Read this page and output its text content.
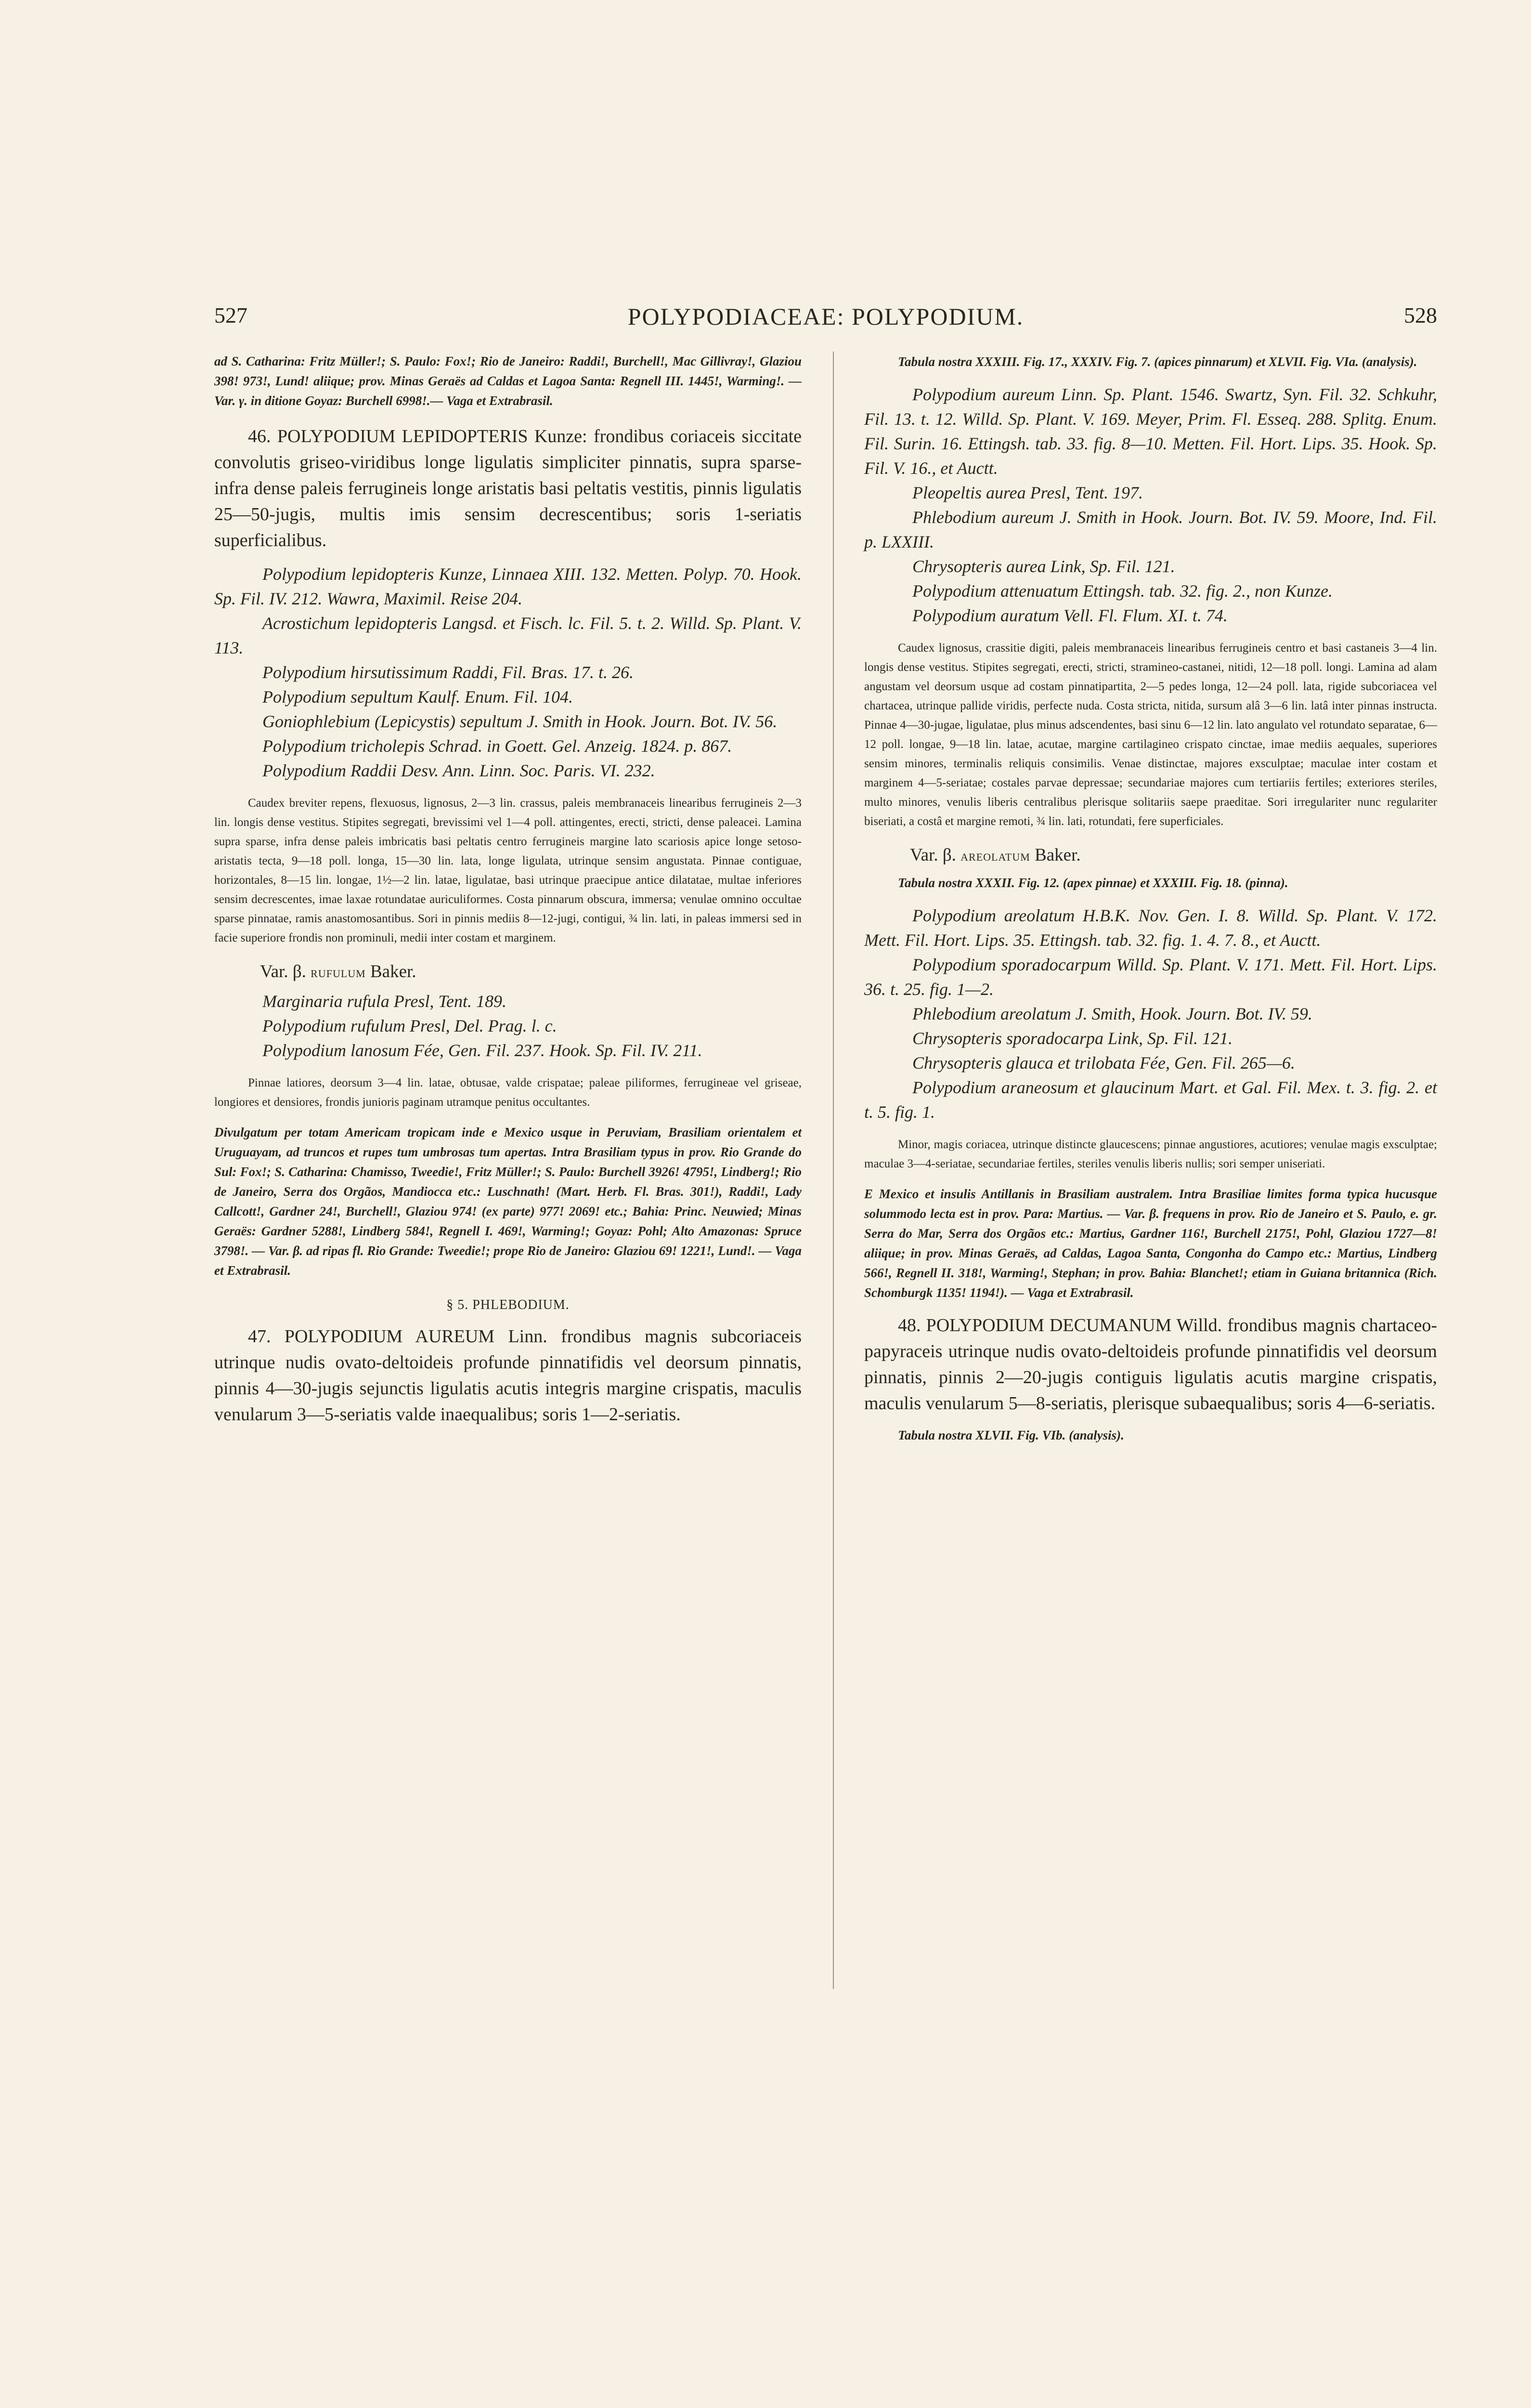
527	POLYPODIACEAE: POLYPODIUM.	528

ad S. Catharina: Fritz Müller!; S. Paulo: Fox!; Rio de Janeiro: Raddi!, Burchell!, Mac Gillivray!, Glaziou 398! 973!, Lund! aliique; prov. Minas Geraës ad Caldas et Lagoa Santa: Regnell III. 1445!, Warming!. — Var. γ. in ditione Goyaz: Burchell 6998!.— Vaga et Extrabrasil.

46. POLYPODIUM LEPIDOPTERIS Kunze: frondibus coriaceis siccitate convolutis griseo-viridibus longe ligulatis simpliciter pinnatis, supra sparse- infra dense paleis ferrugineis longe aristatis basi peltatis vestitis, pinnis ligulatis 25—50-jugis, multis imis sensim decrescentibus; soris 1-seriatis superficialibus.

Polypodium lepidopteris Kunze, Linnaea XIII. 132. Metten. Polyp. 70. Hook. Sp. Fil. IV. 212. Wawra, Maximil. Reise 204.

Acrostichum lepidopteris Langsd. et Fisch. lc. Fil. 5. t. 2. Willd. Sp. Plant. V. 113.

Polypodium hirsutissimum Raddi, Fil. Bras. 17. t. 26.

Polypodium sepultum Kaulf. Enum. Fil. 104.

Goniophlebium (Lepicystis) sepultum J. Smith in Hook. Journ. Bot. IV. 56.

Polypodium tricholepis Schrad. in Goett. Gel. Anzeig. 1824. p. 867.

Polypodium Raddii Desv. Ann. Linn. Soc. Paris. VI. 232.

Caudex breviter repens, flexuosus, lignosus, 2—3 lin. crassus, paleis membranaceis linearibus ferrugineis 2—3 lin. longis dense vestitus. Stipites segregati, brevissimi vel 1—4 poll. attingentes, erecti, stricti, dense paleacei. Lamina supra sparse, infra dense paleis imbricatis basi peltatis centro ferrugineis margine lato scariosis apice longe setoso-aristatis tecta, 9—18 poll. longa, 15—30 lin. lata, longe ligulata, utrinque sensim angustata. Pinnae contiguae, horizontales, 8—15 lin. longae, 1½—2 lin. latae, ligulatae, basi utrinque praecipue antice dilatatae, multae inferiores sensim decrescentes, imae laxae rotundatae auriculiformes. Costa pinnarum obscura, immersa; venulae omnino occultae sparse pinnatae, ramis anastomosantibus. Sori in pinnis mediis 8—12-jugi, contigui, ¾ lin. lati, in paleas immersi sed in facie superiore frondis non prominuli, medii inter costam et marginem.

Var. β. RUFULUM Baker.

Marginaria rufula Presl, Tent. 189.

Polypodium rufulum Presl, Del. Prag. l. c.

Polypodium lanosum Fée, Gen. Fil. 237. Hook. Sp. Fil. IV. 211.

Pinnae latiores, deorsum 3—4 lin. latae, obtusae, valde crispatae; paleae piliformes, ferrugineae vel griseae, longiores et densiores, frondis junioris paginam utramque penitus occultantes.

Divulgatum per totam Americam tropicam inde e Mexico usque in Peruviam, Brasiliam orientalem et Uruguayam, ad truncos et rupes tum umbrosas tum apertas. Intra Brasiliam typus in prov. Rio Grande do Sul: Fox!; S. Catharina: Chamisso, Tweedie!, Fritz Müller!; S. Paulo: Burchell 3926! 4795!, Lindberg!; Rio de Janeiro, Serra dos Orgãos, Mandiocca etc.: Luschnath! (Mart. Herb. Fl. Bras. 301!), Raddi!, Lady Callcott!, Gardner 24!, Burchell!, Glaziou 974! (ex parte) 977! 2069! etc.; Bahia: Princ. Neuwied; Minas Geraës: Gardner 5288!, Lindberg 584!, Regnell I. 469!, Warming!; Goyaz: Pohl; Alto Amazonas: Spruce 3798!. — Var. β. ad ripas fl. Rio Grande: Tweedie!; prope Rio de Janeiro: Glaziou 69! 1221!, Lund!. — Vaga et Extrabrasil.

§ 5. PHLEBODIUM.

47. POLYPODIUM AUREUM Linn. frondibus magnis subcoriaceis utrinque nudis ovato-deltoideis profunde pinnatifidis vel deorsum pinnatis, pinnis 4—30-jugis sejunctis ligulatis acutis integris margine crispatis, maculis venularum 3—5-seriatis valde inaequalibus; soris 1—2-seriatis.

Tabula nostra XXXIII. Fig. 17., XXXIV. Fig. 7. (apices pinnarum) et XLVII. Fig. VIa. (analysis).

Polypodium aureum Linn. Sp. Plant. 1546. Swartz, Syn. Fil. 32. Schkuhr, Fil. 13. t. 12. Willd. Sp. Plant. V. 169. Meyer, Prim. Fl. Esseq. 288. Splitg. Enum. Fil. Surin. 16. Ettingsh. tab. 33. fig. 8—10. Metten. Fil. Hort. Lips. 35. Hook. Sp. Fil. V. 16., et Auctt.

Pleopeltis aurea Presl, Tent. 197.

Phlebodium aureum J. Smith in Hook. Journ. Bot. IV. 59. Moore, Ind. Fil. p. LXXIII.

Chrysopteris aurea Link, Sp. Fil. 121.

Polypodium attenuatum Ettingsh. tab. 32. fig. 2., non Kunze.

Polypodium auratum Vell. Fl. Flum. XI. t. 74.

Caudex lignosus, crassitie digiti, paleis membranaceis linearibus ferrugineis centro et basi castaneis 3—4 lin. longis dense vestitus. Stipites segregati, erecti, stricti, stramineo-castanei, nitidi, 12—18 poll. longi. Lamina ad alam angustam vel deorsum usque ad costam pinnatipartita, 2—5 pedes longa, 12—24 poll. lata, rigide subcoriacea vel chartacea, utrinque pallide viridis, perfecte nuda. Costa stricta, nitida, sursum alâ 3—6 lin. latâ inter pinnas instructa. Pinnae 4—30-jugae, ligulatae, plus minus adscendentes, basi sinu 6—12 lin. lato angulato vel rotundato separatae, 6—12 poll. longae, 9—18 lin. latae, acutae, margine cartilagineo crispato cinctae, imae mediis aequales, superiores sensim minores, terminalis reliquis consimilis. Venae distinctae, majores exsculptae; maculae inter costam et marginem 4—5-seriatae; costales parvae depressae; secundariae majores cum tertiariis fertiles; exteriores steriles, multo minores, venulis liberis centralibus plerisque solitariis saepe praeditae. Sori irregulariter nunc regulariter biseriati, a costâ et margine remoti, ¾ lin. lati, rotundati, fere superficiales.

Var. β. AREOLATUM Baker.

Tabula nostra XXXII. Fig. 12. (apex pinnae) et XXXIII. Fig. 18. (pinna).

Polypodium areolatum H.B.K. Nov. Gen. I. 8. Willd. Sp. Plant. V. 172. Mett. Fil. Hort. Lips. 35. Ettingsh. tab. 32. fig. 1. 4. 7. 8., et Auctt.

Polypodium sporadocarpum Willd. Sp. Plant. V. 171. Mett. Fil. Hort. Lips. 36. t. 25. fig. 1—2.

Phlebodium areolatum J. Smith, Hook. Journ. Bot. IV. 59.

Chrysopteris sporadocarpa Link, Sp. Fil. 121.

Chrysopteris glauca et trilobata Fée, Gen. Fil. 265—6.

Polypodium araneosum et glaucinum Mart. et Gal. Fil. Mex. t. 3. fig. 2. et t. 5. fig. 1.

Minor, magis coriacea, utrinque distincte glaucescens; pinnae angustiores, acutiores; venulae magis exsculptae; maculae 3—4-seriatae, secundariae fertiles, steriles venulis liberis nullis; sori semper uniseriati.

E Mexico et insulis Antillanis in Brasiliam australem. Intra Brasiliae limites forma typica hucusque solummodo lecta est in prov. Para: Martius. — Var. β. frequens in prov. Rio de Janeiro et S. Paulo, e. gr. Serra do Mar, Serra dos Orgãos etc.: Martius, Gardner 116!, Burchell 2175!, Pohl, Glaziou 1727—8! aliique; in prov. Minas Geraës, ad Caldas, Lagoa Santa, Congonha do Campo etc.: Martius, Lindberg 566!, Regnell II. 318!, Warming!, Stephan; in prov. Bahia: Blanchet!; etiam in Guiana britannica (Rich. Schomburgk 1135! 1194!). — Vaga et Extrabrasil.

48. POLYPODIUM DECUMANUM Willd. frondibus magnis chartaceo-papyraceis utrinque nudis ovato-deltoideis profunde pinnatifidis vel deorsum pinnatis, pinnis 2—20-jugis contiguis ligulatis acutis margine crispatis, maculis venularum 5—8-seriatis, plerisque subaequalibus; soris 4—6-seriatis.

Tabula nostra XLVII. Fig. VIb. (analysis).
